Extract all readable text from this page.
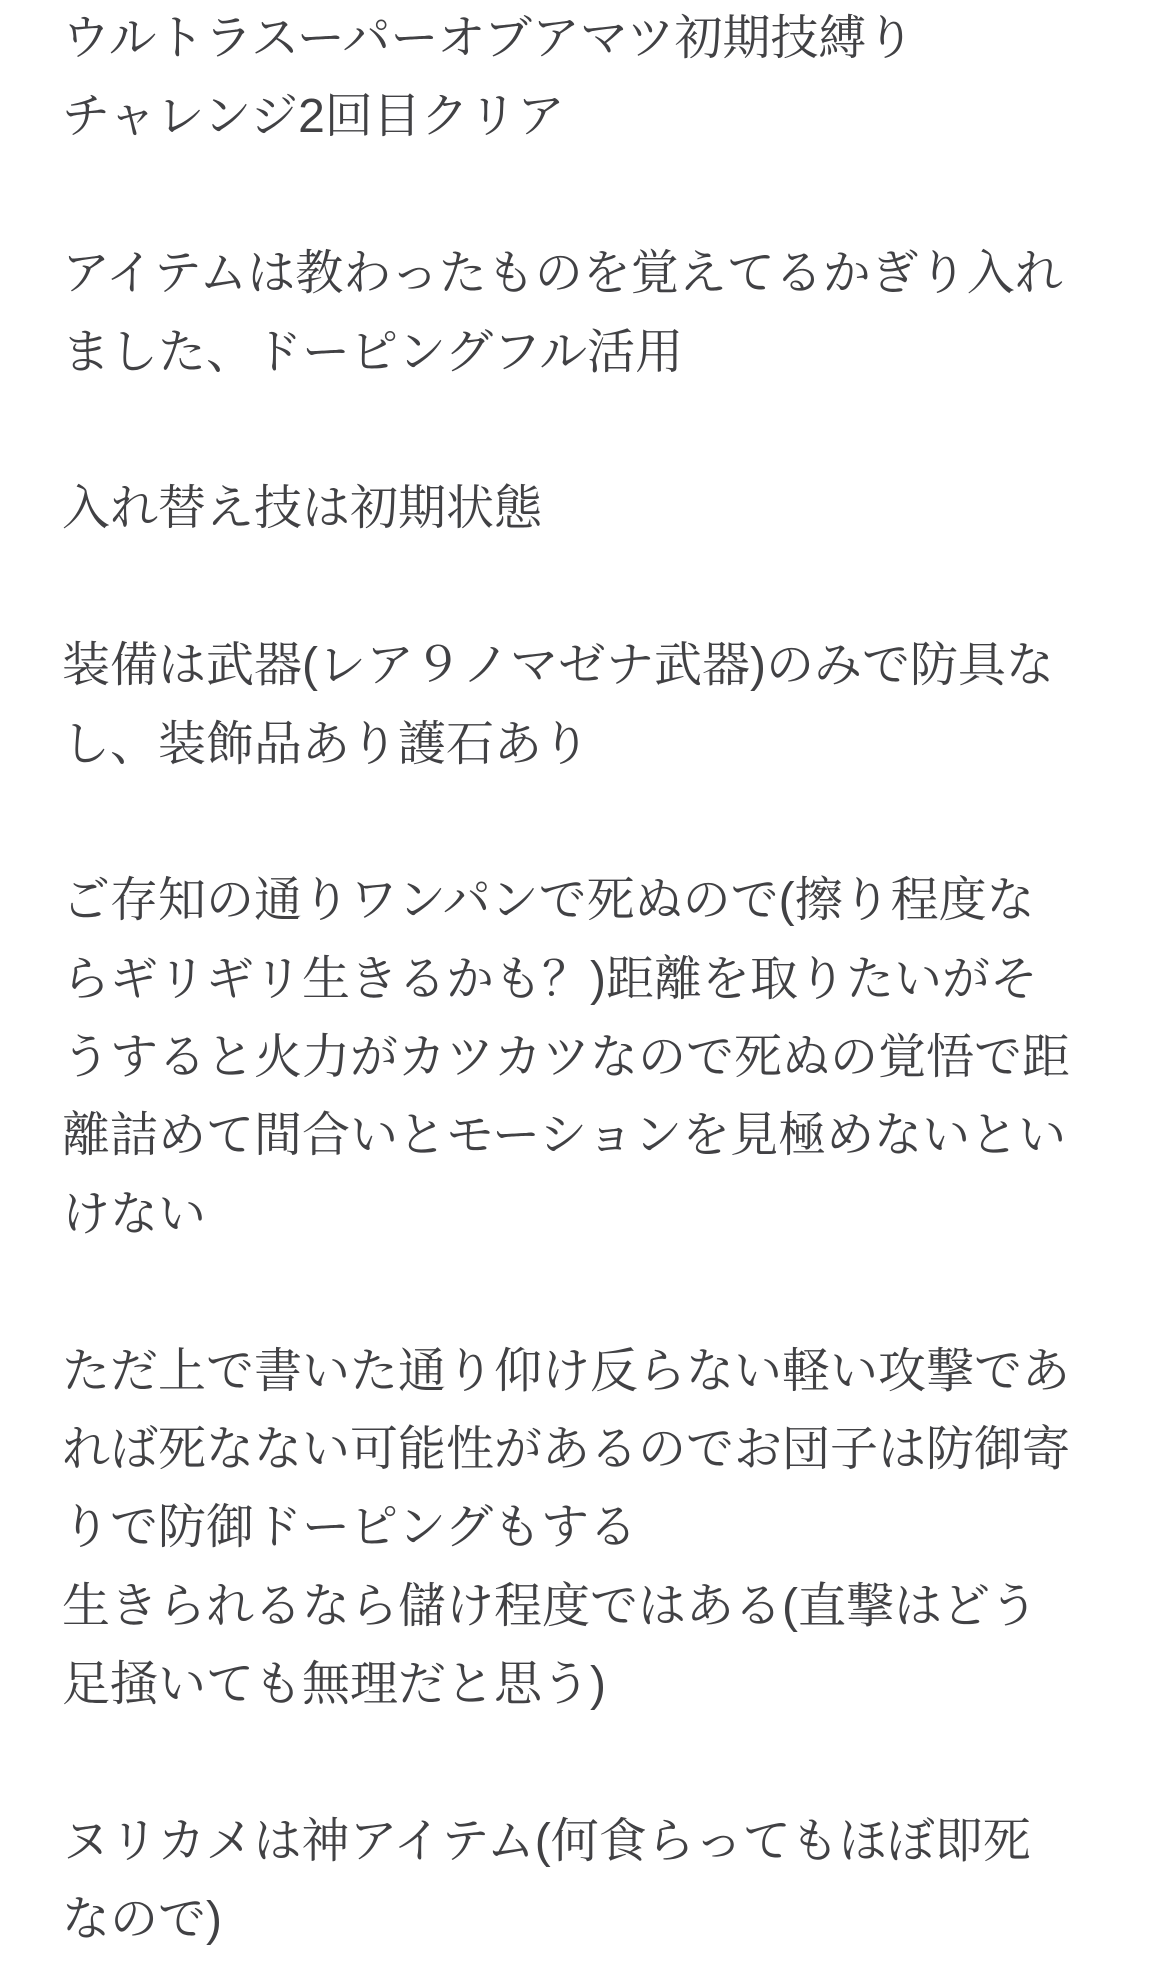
ウルトラスーパーオブアマツ初期技縛り
チャレンジ2回目クリア

アイテムは教わったものを覚えてるかぎり入れ
ました、ドーピングフル活用

入れ替え技は初期状態

装備は武器(レア９ノマゼナ武器)のみで防具な
し、装飾品あり護石あり

ご存知の通りワンパンで死ぬので(擦り程度な
らギリギリ生きるかも？)距離を取りたいがそ
うすると火力がカツカツなので死ぬの覚悟で距
離詰めて間合いとモーションを見極めないとい
けない

ただ上で書いた通り仰け反らない軽い攻撃であ
れば死なない可能性があるのでお団子は防御寄
りで防御ドーピングもする
生きられるなら儲け程度ではある(直撃はどう
足掻いても無理だと思う)

ヌリカメは神アイテム(何食らってもほぼ即死
なので)
